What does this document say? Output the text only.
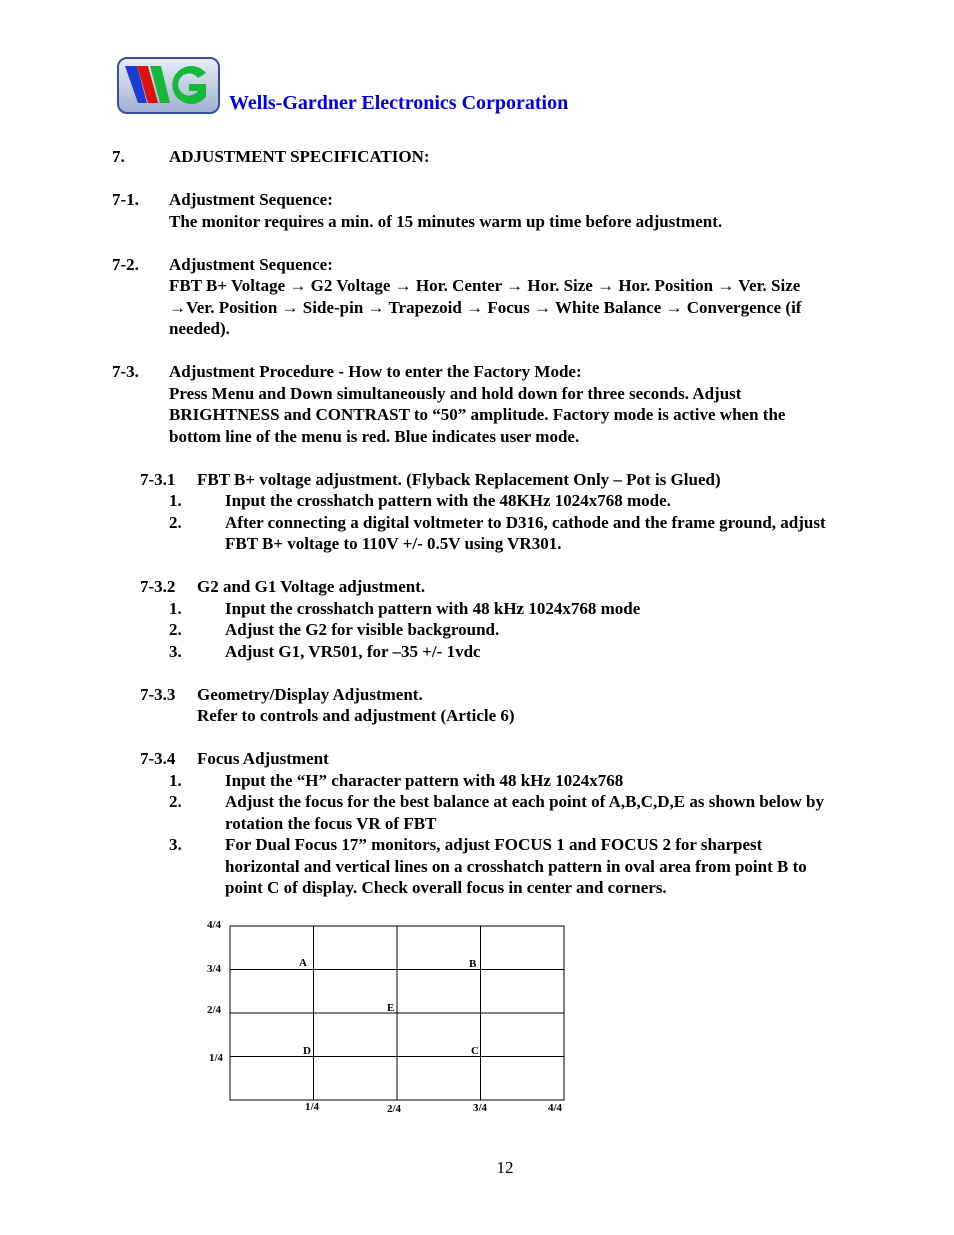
Wells-Gardner Electronics Corporation
7.	ADJUSTMENT SPECIFICATION:
7-1. Adjustment Sequence:
The monitor requires a min. of 15 minutes warm up time before adjustment.
7-2. Adjustment Sequence:
FBT B+ Voltage → G2 Voltage → Hor. Center → Hor. Size → Hor. Position → Ver. Size
→Ver. Position → Side-pin → Trapezoid → Focus → White Balance → Convergence (if
needed).
7-3. Adjustment Procedure - How to enter the Factory Mode:
Press Menu and Down simultaneously and hold down for three seconds. Adjust
BRIGHTNESS and CONTRAST to “50” amplitude. Factory mode is active when the
bottom line of the menu is red. Blue indicates user mode.
7-3.1 FBT B+ voltage adjustment. (Flyback Replacement Only – Pot is Glued)
1.	Input the crosshatch pattern with the 48KHz 1024x768 mode.
2.	After connecting a digital voltmeter to D316, cathode and the frame ground, adjust
FBT B+ voltage to 110V +/- 0.5V using VR301.
7-3.2 G2 and G1 Voltage adjustment.
1.	Input the crosshatch pattern with 48 kHz 1024x768 mode
2.	Adjust the G2 for visible background.
3.	Adjust G1, VR501, for –35 +/- 1vdc
7-3.3 Geometry/Display Adjustment.
Refer to controls and adjustment (Article 6)
7-3.4 Focus Adjustment
1.	Input the “H” character pattern with 48 kHz 1024x768
2.	Adjust the focus for the best balance at each point of A,B,C,D,E as shown below by
rotation the focus VR of FBT
3.	For Dual Focus 17” monitors, adjust FOCUS 1 and FOCUS 2 for sharpest
horizontal and vertical lines on a crosshatch pattern in oval area from point B to
point C of display. Check overall focus in center and corners.
4/4
3/4
2/4
1/4
1/4	2/4	3/4	4/4
A	B
E
D	C
12
